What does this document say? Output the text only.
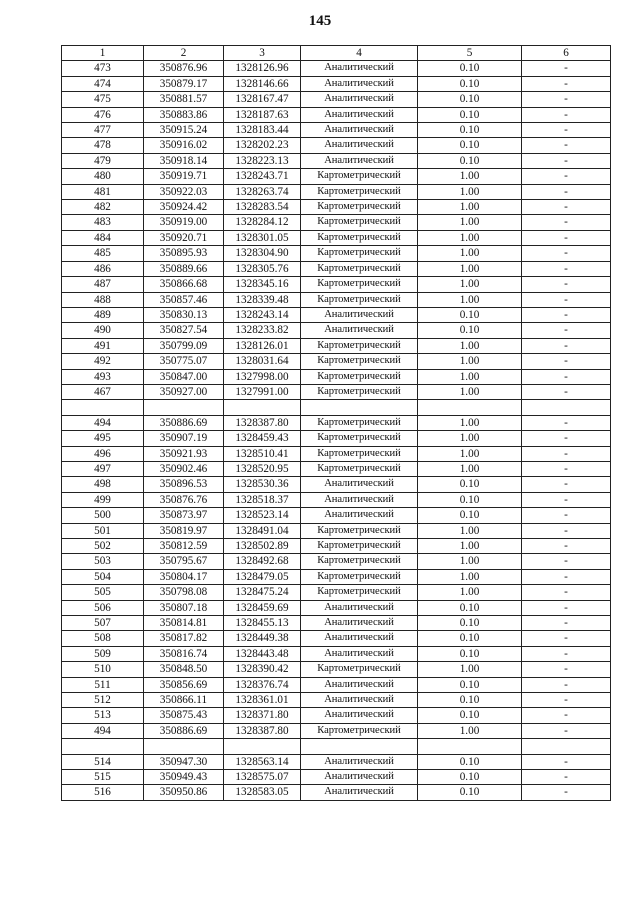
145
1	2	3	4	5	6
473	350876.96	1328126.96	Аналитический	0.10	-
474	350879.17	1328146.66	Аналитический	0.10	-
475	350881.57	1328167.47	Аналитический	0.10	-
476	350883.86	1328187.63	Аналитический	0.10	-
477	350915.24	1328183.44	Аналитический	0.10	-
478	350916.02	1328202.23	Аналитический	0.10	-
479	350918.14	1328223.13	Аналитический	0.10	-
480	350919.71	1328243.71	Картометрический	1.00	-
481	350922.03	1328263.74	Картометрический	1.00	-
482	350924.42	1328283.54	Картометрический	1.00	-
483	350919.00	1328284.12	Картометрический	1.00	-
484	350920.71	1328301.05	Картометрический	1.00	-
485	350895.93	1328304.90	Картометрический	1.00	-
486	350889.66	1328305.76	Картометрический	1.00	-
487	350866.68	1328345.16	Картометрический	1.00	-
488	350857.46	1328339.48	Картометрический	1.00	-
489	350830.13	1328243.14	Аналитический	0.10	-
490	350827.54	1328233.82	Аналитический	0.10	-
491	350799.09	1328126.01	Картометрический	1.00	-
492	350775.07	1328031.64	Картометрический	1.00	-
493	350847.00	1327998.00	Картометрический	1.00	-
467	350927.00	1327991.00	Картометрический	1.00	-

494	350886.69	1328387.80	Картометрический	1.00	-
495	350907.19	1328459.43	Картометрический	1.00	-
496	350921.93	1328510.41	Картометрический	1.00	-
497	350902.46	1328520.95	Картометрический	1.00	-
498	350896.53	1328530.36	Аналитический	0.10	-
499	350876.76	1328518.37	Аналитический	0.10	-
500	350873.97	1328523.14	Аналитический	0.10	-
501	350819.97	1328491.04	Картометрический	1.00	-
502	350812.59	1328502.89	Картометрический	1.00	-
503	350795.67	1328492.68	Картометрический	1.00	-
504	350804.17	1328479.05	Картометрический	1.00	-
505	350798.08	1328475.24	Картометрический	1.00	-
506	350807.18	1328459.69	Аналитический	0.10	-
507	350814.81	1328455.13	Аналитический	0.10	-
508	350817.82	1328449.38	Аналитический	0.10	-
509	350816.74	1328443.48	Аналитический	0.10	-
510	350848.50	1328390.42	Картометрический	1.00	-
511	350856.69	1328376.74	Аналитический	0.10	-
512	350866.11	1328361.01	Аналитический	0.10	-
513	350875.43	1328371.80	Аналитический	0.10	-
494	350886.69	1328387.80	Картометрический	1.00	-

514	350947.30	1328563.14	Аналитический	0.10	-
515	350949.43	1328575.07	Аналитический	0.10	-
516	350950.86	1328583.05	Аналитический	0.10	-
